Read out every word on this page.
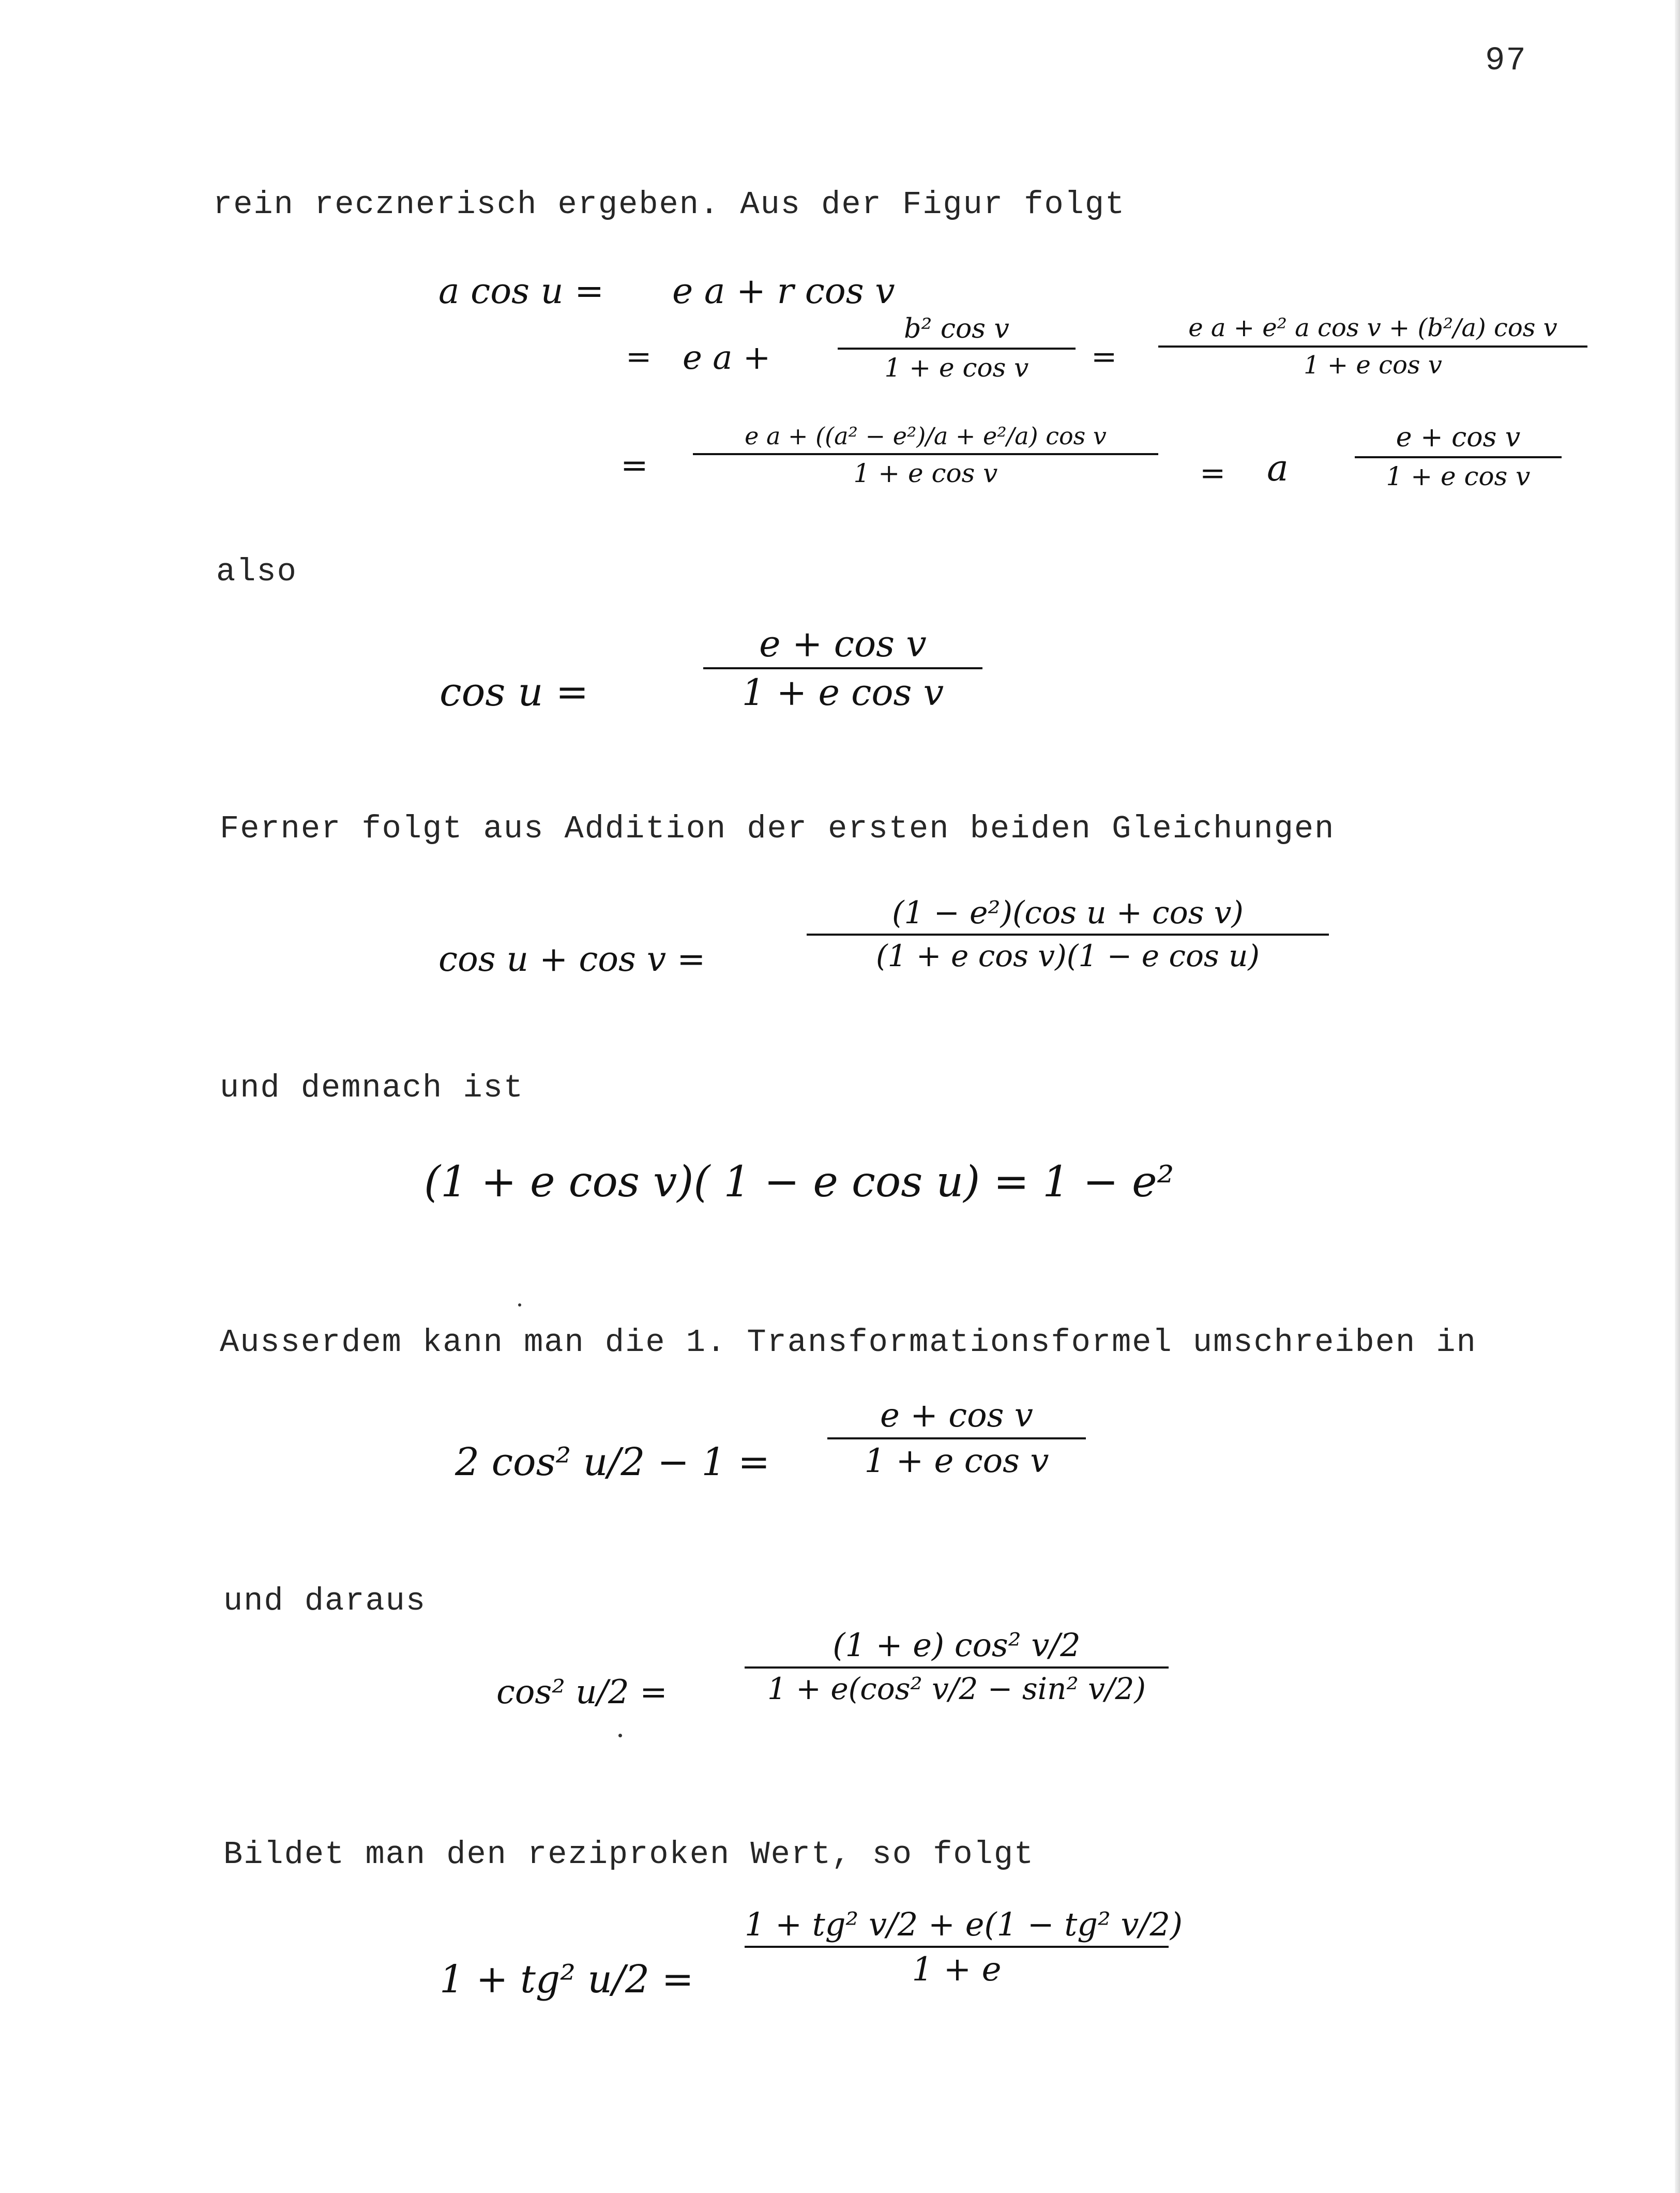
97
rein recznerisch ergeben. Aus der Figur folgt
a cos u = e a + r cos v
= e a +
b² cos v
1 + e cos v	=
e a + e² a cos v + (b²/a) cos v
1 + e cos v
=
e a + ((a² − e²)/a + e²/a) cos v
1 + e cos v	= a
e + cos v
1 + e cos v
also
cos u =
e + cos v
1 + e cos v
Ferner folgt aus Addition der ersten beiden Gleichungen
cos u + cos v =
(1 − e²)(cos u + cos v)
(1 + e cos v)(1 − e cos u)
und demnach ist
(1 + e cos v)( 1 − e cos u) = 1 − e²
Ausserdem kann man die 1. Transformationsformel umschreiben in
2 cos² u/2 − 1 =
e + cos v
1 + e cos v
und daraus
cos² u/2 =
(1 + e) cos² v/2
1 + e(cos² v/2 − sin² v/2)
Bildet man den reziproken Wert, so folgt
1 + tg² u/2 =
1 + tg² v/2 + e(1 − tg² v/2)
1 + e
